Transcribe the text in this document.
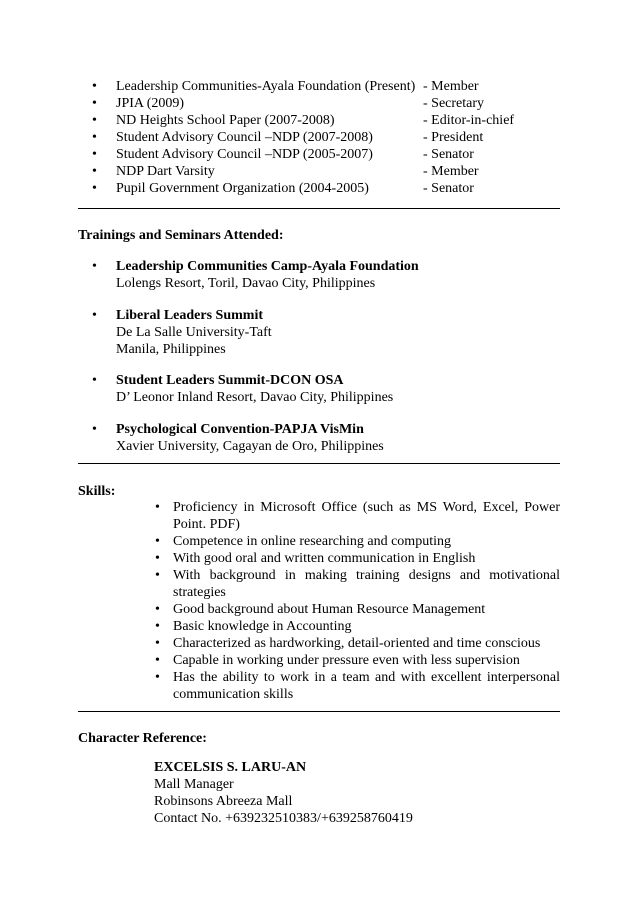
•	Leadership Communities-Ayala Foundation (Present) - Member
•	JPIA (2009)	- Secretary
•	ND Heights School Paper (2007-2008)	- Editor-in-chief
•	Student Advisory Council –NDP (2007-2008)	- President
•	Student Advisory Council –NDP (2005-2007)	- Senator
•	NDP Dart Varsity	- Member
•	Pupil Government Organization (2004-2005)	- Senator
Trainings and Seminars Attended:
• Leadership Communities Camp-Ayala Foundation
Lolengs Resort, Toril, Davao City, Philippines
• Liberal Leaders Summit
De La Salle University-Taft
Manila, Philippines
• Student Leaders Summit-DCON OSA
D’ Leonor Inland Resort, Davao City, Philippines
• Psychological Convention-PAPJA VisMin
Xavier University, Cagayan de Oro, Philippines
Skills:
• Proficiency in Microsoft Office (such as MS Word, Excel, Power Point. PDF)
• Competence in online researching and computing
• With good oral and written communication in English
• With background in making training designs and motivational strategies
• Good background about Human Resource Management
• Basic knowledge in Accounting
• Characterized as hardworking, detail-oriented and time conscious
• Capable in working under pressure even with less supervision
• Has the ability to work in a team and with excellent interpersonal communication skills
Character Reference:
EXCELSIS S. LARU-AN
Mall Manager
Robinsons Abreeza Mall
Contact No. +639232510383/+639258760419
